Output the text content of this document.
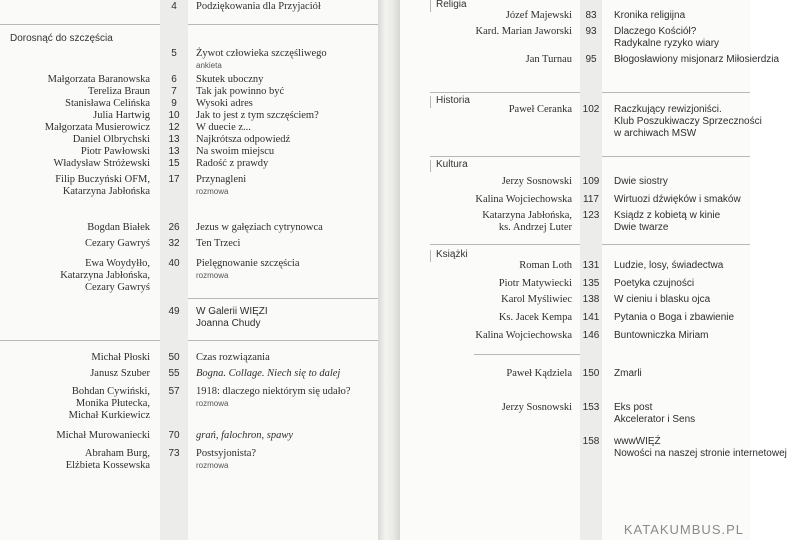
4	Podziękowania dla Przyjaciół
Dorosnąć do szczęścia
5	Żywot człowieka szczęśliwego
ankieta
Małgorzata Baranowska	6	Skutek uboczny
Tereliza Braun	7	Tak jak powinno być
Stanisława Celińska	9	Wysoki adres
Julia Hartwig	10	Jak to jest z tym szczęściem?
Małgorzata Musierowicz	12	W duecie z...
Daniel Olbrychski	13	Najkrótsza odpowiedź
Piotr Pawłowski	13	Na swoim miejscu
Władysław Stróżewski	15	Radość z prawdy
Filip Buczyński OFM,
Katarzyna Jabłońska
17	Przynagleni
rozmowa
Bogdan Białek	26	Jezus w gałęziach cytrynowca
Cezary Gawryś	32	Ten Trzeci
Ewa Woydyłło,
Katarzyna Jabłońska,
Cezary Gawryś
40	Pielęgnowanie szczęścia
rozmowa
49	W Galerii WIĘZI
Joanna Chudy
Michał Płoski	50	Czas rozwiązania
Janusz Szuber	55	Bogna. Collage. Niech się to dalej
Bohdan Cywiński,
Monika Płutecka,
Michał Kurkiewicz
57	1918: dlaczego niektórym się udało?
rozmowa
Michał Murowaniecki	70	grań, falochron, spawy
Abraham Burg,
Elżbieta Kossewska
73	Postsyjonista?
rozmowa
Religia
Józef Majewski	83	Kronika religijna
Kard. Marian Jaworski	93	Dlaczego Kościół?
Radykalne ryzyko wiary
Jan Turnau	95	Błogosławiony misjonarz Miłosierdzia
Historia
Paweł Ceranka 102 Raczkujący rewizjoniści.
Klub Poszukiwaczy Sprzeczności
w archiwach MSW
Kultura
Jerzy Sosnowski 109 Dwie siostry
Kalina Wojciechowska	117	Wirtuozi dźwięków i smaków
Katarzyna Jabłońska,
ks. Andrzej Luter
123 Ksiądz z kobietą w kinie
Dwie twarze
Książki
Roman Loth 131 Ludzie, losy, świadectwa
Piotr Matywiecki 135 Poetyka czujności
Karol Myśliwiec 138 W cieniu i blasku ojca
Ks. Jacek Kempa 141 Pytania o Boga i zbawienie
Kalina Wojciechowska 146 Buntowniczka Miriam
Paweł Kądziela 150 Zmarli
Jerzy Sosnowski 153 Eks post
Akcelerator i Sens
158 wwwWIĘŹ
Nowości na naszej stronie internetowej
KATAKUMBUS.PL
